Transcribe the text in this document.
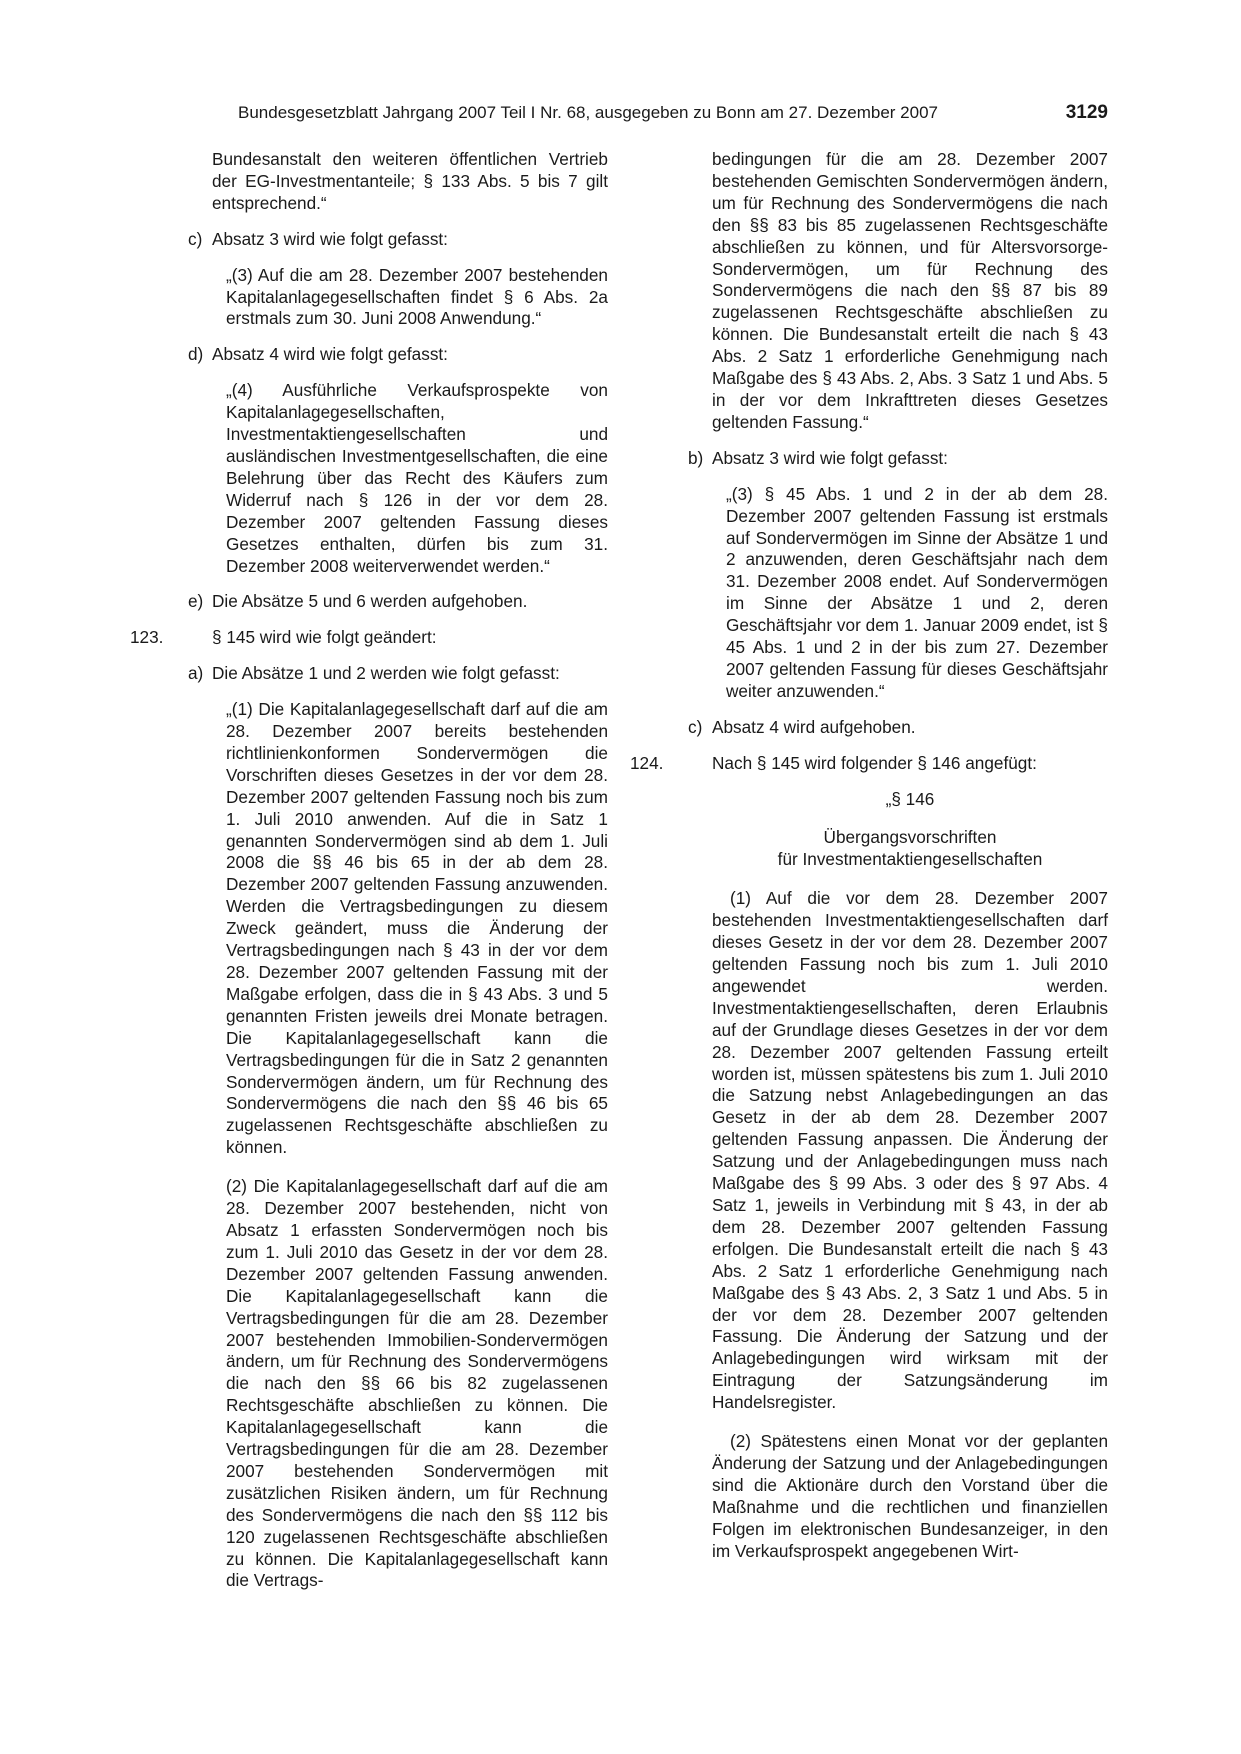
Bundesgesetzblatt Jahrgang 2007 Teil I Nr. 68, ausgegeben zu Bonn am 27. Dezember 2007	3129

Bundesanstalt den weiteren öffentlichen Vertrieb der EG-Investmentanteile; § 133 Abs. 5 bis 7 gilt entsprechend.“

c) Absatz 3 wird wie folgt gefasst:

„(3) Auf die am 28. Dezember 2007 bestehenden Kapitalanlagegesellschaften findet § 6 Abs. 2a erstmals zum 30. Juni 2008 Anwendung.“

d) Absatz 4 wird wie folgt gefasst:

„(4) Ausführliche Verkaufsprospekte von Kapitalanlagegesellschaften, Investmentaktiengesellschaften und ausländischen Investmentgesellschaften, die eine Belehrung über das Recht des Käufers zum Widerruf nach § 126 in der vor dem 28. Dezember 2007 geltenden Fassung dieses Gesetzes enthalten, dürfen bis zum 31. Dezember 2008 weiterverwendet werden.“

e) Die Absätze 5 und 6 werden aufgehoben.

123.	§ 145 wird wie folgt geändert:

a) Die Absätze 1 und 2 werden wie folgt gefasst:

„(1) Die Kapitalanlagegesellschaft darf auf die am 28. Dezember 2007 bereits bestehenden richtlinienkonformen Sondervermögen die Vorschriften dieses Gesetzes in der vor dem 28. Dezember 2007 geltenden Fassung noch bis zum 1. Juli 2010 anwenden. Auf die in Satz 1 genannten Sondervermögen sind ab dem 1. Juli 2008 die §§ 46 bis 65 in der ab dem 28. Dezember 2007 geltenden Fassung anzuwenden. Werden die Vertragsbedingungen zu diesem Zweck geändert, muss die Änderung der Vertragsbedingungen nach § 43 in der vor dem 28. Dezember 2007 geltenden Fassung mit der Maßgabe erfolgen, dass die in § 43 Abs. 3 und 5 genannten Fristen jeweils drei Monate betragen. Die Kapitalanlagegesellschaft kann die Vertragsbedingungen für die in Satz 2 genannten Sondervermögen ändern, um für Rechnung des Sondervermögens die nach den §§ 46 bis 65 zugelassenen Rechtsgeschäfte abschließen zu können.

(2) Die Kapitalanlagegesellschaft darf auf die am 28. Dezember 2007 bestehenden, nicht von Absatz 1 erfassten Sondervermögen noch bis zum 1. Juli 2010 das Gesetz in der vor dem 28. Dezember 2007 geltenden Fassung anwenden. Die Kapitalanlagegesellschaft kann die Vertragsbedingungen für die am 28. Dezember 2007 bestehenden Immobilien-Sondervermögen ändern, um für Rechnung des Sondervermögens die nach den §§ 66 bis 82 zugelassenen Rechtsgeschäfte abschließen zu können. Die Kapitalanlagegesellschaft kann die Vertragsbedingungen für die am 28. Dezember 2007 bestehenden Sondervermögen mit zusätzlichen Risiken ändern, um für Rechnung des Sondervermögens die nach den §§ 112 bis 120 zugelassenen Rechtsgeschäfte abschließen zu können. Die Kapitalanlagegesellschaft kann die Vertrags-

bedingungen für die am 28. Dezember 2007 bestehenden Gemischten Sondervermögen ändern, um für Rechnung des Sondervermögens die nach den §§ 83 bis 85 zugelassenen Rechtsgeschäfte abschließen zu können, und für Altersvorsorge-Sondervermögen, um für Rechnung des Sondervermögens die nach den §§ 87 bis 89 zugelassenen Rechtsgeschäfte abschließen zu können. Die Bundesanstalt erteilt die nach § 43 Abs. 2 Satz 1 erforderliche Genehmigung nach Maßgabe des § 43 Abs. 2, Abs. 3 Satz 1 und Abs. 5 in der vor dem Inkrafttreten dieses Gesetzes geltenden Fassung.“

b) Absatz 3 wird wie folgt gefasst:

„(3) § 45 Abs. 1 und 2 in der ab dem 28. Dezember 2007 geltenden Fassung ist erstmals auf Sondervermögen im Sinne der Absätze 1 und 2 anzuwenden, deren Geschäftsjahr nach dem 31. Dezember 2008 endet. Auf Sondervermögen im Sinne der Absätze 1 und 2, deren Geschäftsjahr vor dem 1. Januar 2009 endet, ist § 45 Abs. 1 und 2 in der bis zum 27. Dezember 2007 geltenden Fassung für dieses Geschäftsjahr weiter anzuwenden.“

c) Absatz 4 wird aufgehoben.

124.	Nach § 145 wird folgender § 146 angefügt:

„§ 146

Übergangsvorschriften

für Investmentaktiengesellschaften

(1) Auf die vor dem 28. Dezember 2007 bestehenden Investmentaktiengesellschaften darf dieses Gesetz in der vor dem 28. Dezember 2007 geltenden Fassung noch bis zum 1. Juli 2010 angewendet werden. Investmentaktiengesellschaften, deren Erlaubnis auf der Grundlage dieses Gesetzes in der vor dem 28. Dezember 2007 geltenden Fassung erteilt worden ist, müssen spätestens bis zum 1. Juli 2010 die Satzung nebst Anlagebedingungen an das Gesetz in der ab dem 28. Dezember 2007 geltenden Fassung anpassen. Die Änderung der Satzung und der Anlagebedingungen muss nach Maßgabe des § 99 Abs. 3 oder des § 97 Abs. 4 Satz 1, jeweils in Verbindung mit § 43, in der ab dem 28. Dezember 2007 geltenden Fassung erfolgen. Die Bundesanstalt erteilt die nach § 43 Abs. 2 Satz 1 erforderliche Genehmigung nach Maßgabe des § 43 Abs. 2, 3 Satz 1 und Abs. 5 in der vor dem 28. Dezember 2007 geltenden Fassung. Die Änderung der Satzung und der Anlagebedingungen wird wirksam mit der Eintragung der Satzungsänderung im Handelsregister.

(2) Spätestens einen Monat vor der geplanten Änderung der Satzung und der Anlagebedingungen sind die Aktionäre durch den Vorstand über die Maßnahme und die rechtlichen und finanziellen Folgen im elektronischen Bundesanzeiger, in den im Verkaufsprospekt angegebenen Wirt-
